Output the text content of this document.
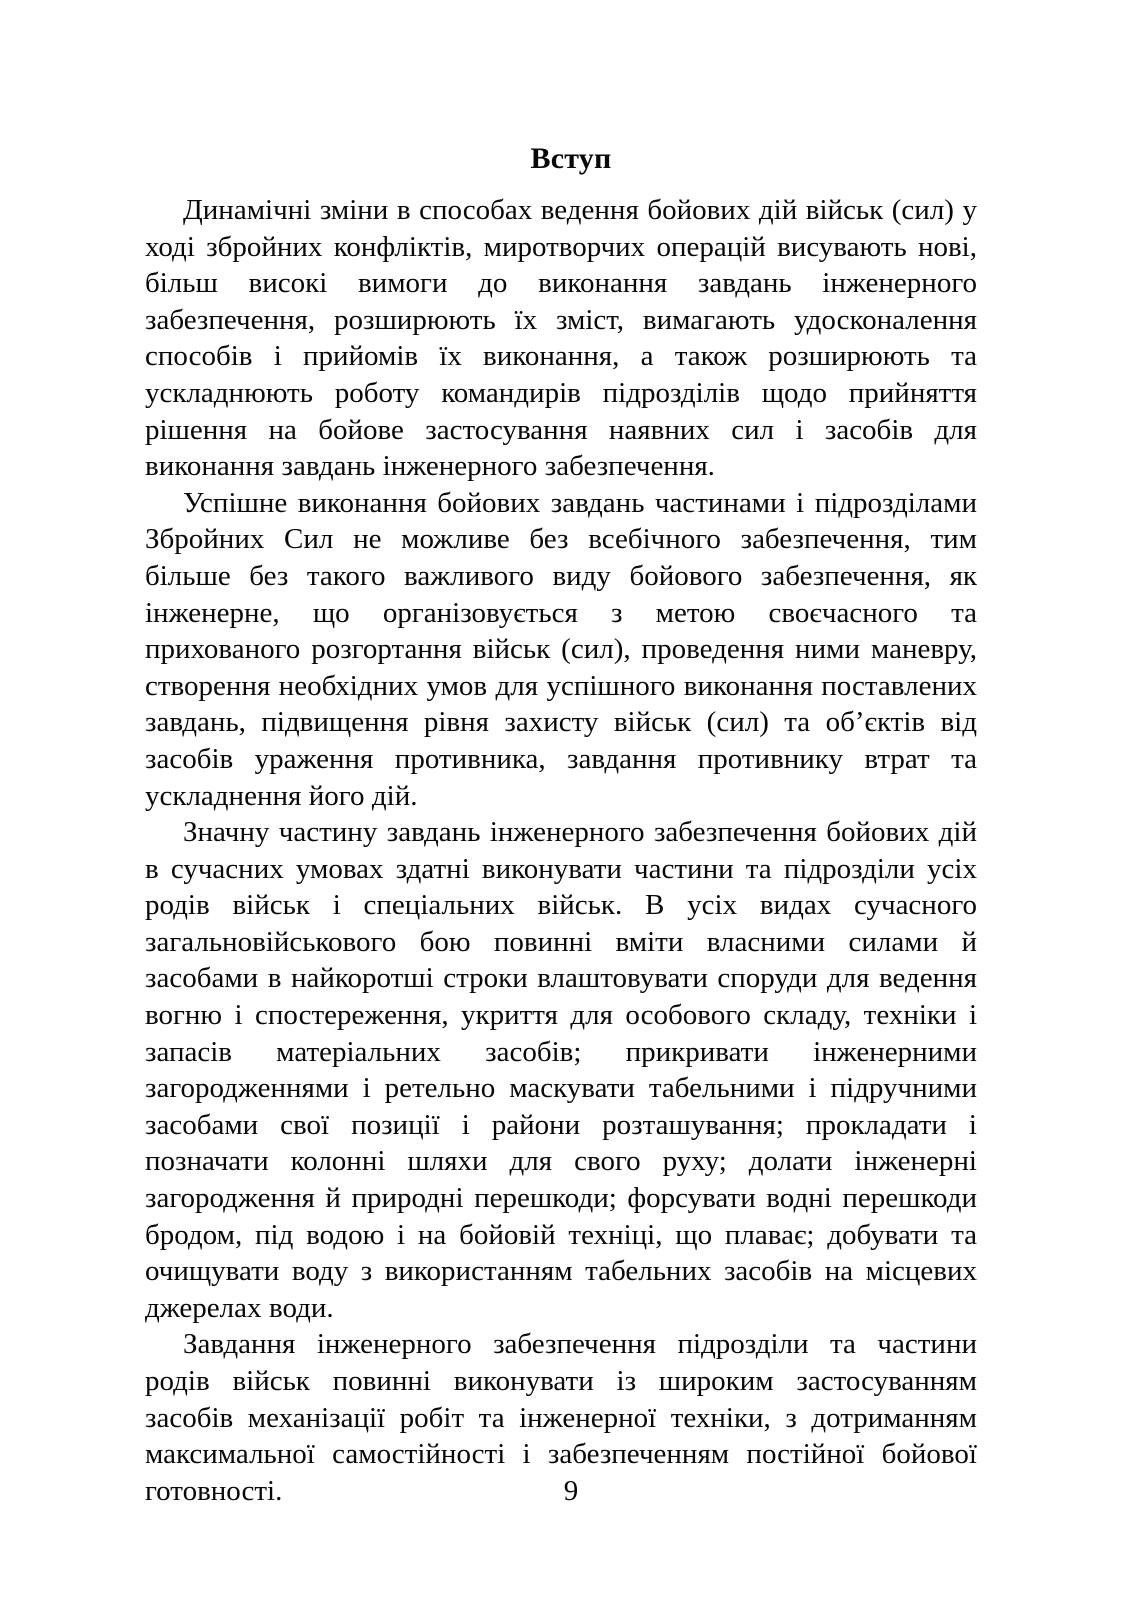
Вступ

Динамічні зміни в способах ведення бойових дій військ (сил) у ході збройних конфліктів, миротворчих операцій висувають нові, більш високі вимоги до виконання завдань інженерного забезпечення, розширюють їх зміст, вимагають удосконалення способів і прийомів їх виконання, а також розширюють та ускладнюють роботу командирів підрозділів щодо прийняття рішення на бойове застосування наявних сил і засобів для виконання завдань інженерного забезпечення.

Успішне виконання бойових завдань частинами і підрозділами Збройних Сил не можливе без всебічного забезпечення, тим більше без такого важливого виду бойового забезпечення, як інженерне, що організовується з метою своєчасного та прихованого розгортання військ (сил), проведення ними маневру, створення необхідних умов для успішного виконання поставлених завдань, підвищення рівня захисту військ (сил) та об’єктів від засобів ураження противника, завдання противнику втрат та ускладнення його дій.

Значну частину завдань інженерного забезпечення бойових дій в сучасних умовах здатні виконувати частини та підрозділи усіх родів військ і спеціальних військ. В усіх видах сучасного загальновійськового бою повинні вміти власними силами й засобами в найкоротші строки влаштовувати споруди для ведення вогню і спостереження, укриття для особового складу, техніки і запасів матеріальних засобів; прикривати інженерними загородженнями і ретельно маскувати табельними і підручними засобами свої позиції і райони розташування; прокладати і позначати колонні шляхи для свого руху; долати інженерні загородження й природні перешкоди; форсувати водні перешкоди бродом, під водою і на бойовій техніці, що плаває; добувати та очищувати воду з використанням табельних засобів на місцевих джерелах води.

Завдання інженерного забезпечення підрозділи та частини родів військ повинні виконувати із широким застосуванням засобів механізації робіт та інженерної техніки, з дотриманням максимальної самостійності і забезпеченням постійної бойової готовності.	9
